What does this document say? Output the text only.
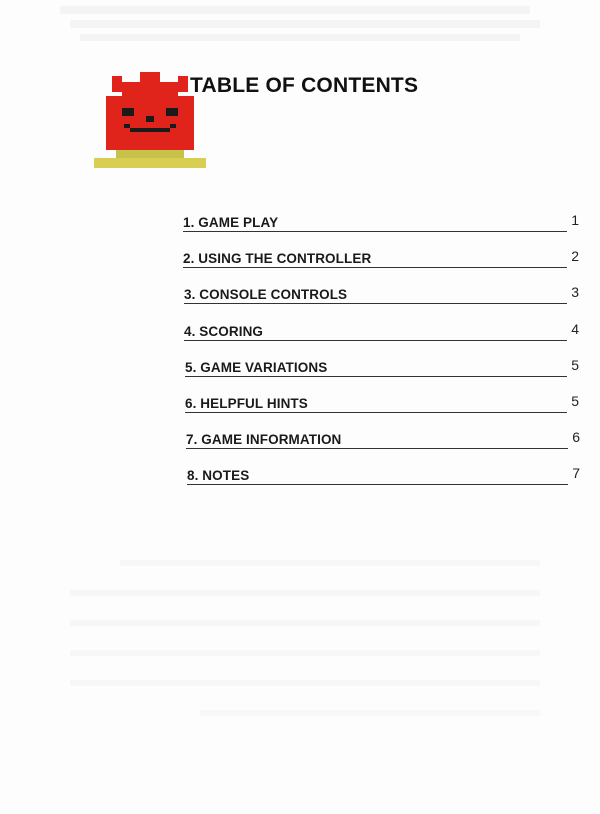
TABLE OF CONTENTS
1. GAME PLAY	1
2. USING THE CONTROLLER	2
3. CONSOLE CONTROLS	3
4. SCORING	4
5. GAME VARIATIONS	5
6. HELPFUL HINTS	5
7. GAME INFORMATION	6
8. NOTES	7
